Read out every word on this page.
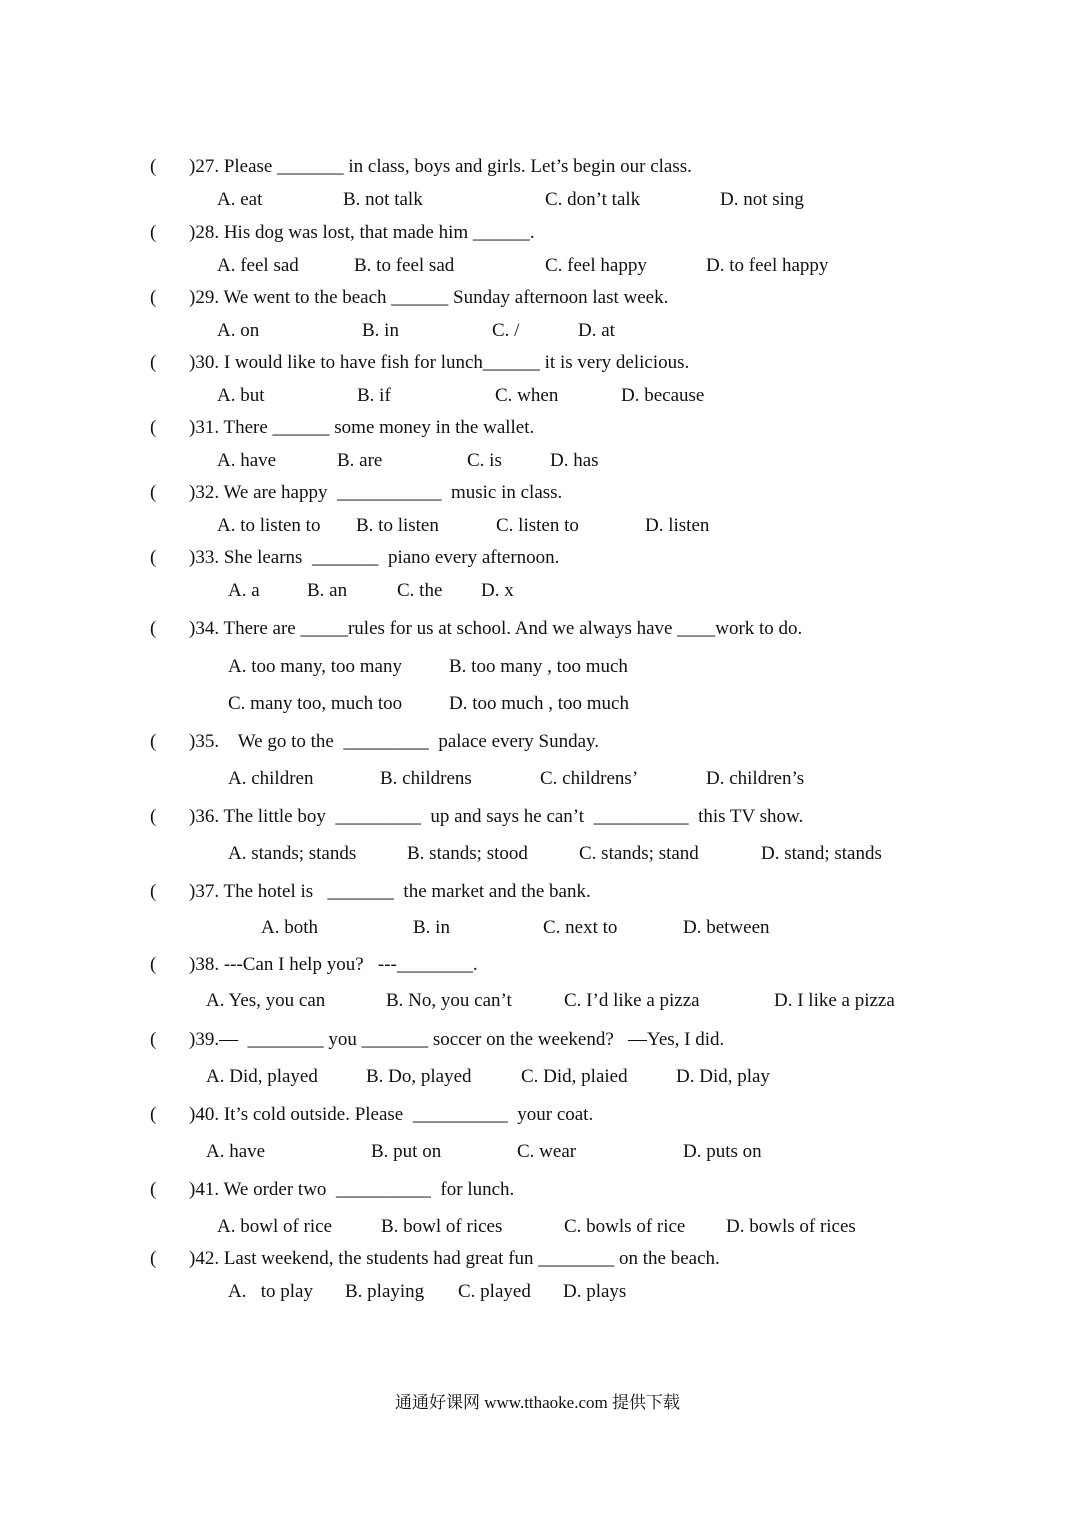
( )27. Please _______ in class, boys and girls. Let’s begin our class.
A. eat	B. not talk	C. don’t talk	D. not sing
( )28. His dog was lost, that made him ______.
A. feel sad	B. to feel sad	C. feel happy	D. to feel happy
( )29. We went to the beach ______ Sunday afternoon last week.
A. on	B. in	C. /	D. at
( )30. I would like to have fish for lunch______ it is very delicious.
A. but	B. if	C. when	D. because
( )31. There ______ some money in the wallet.
A. have	B. are	C. is	D. has
( )32. We are happy  ___________  music in class.
A. to listen to B. to listen	C. listen to	D. listen
( )33. She learns  _______  piano every afternoon.
A. a B. an	C. the D. x
( )34. There are _____rules for us at school. And we always have ____work to do.
A. too many, too many B. too many , too much
C. many too, much too D. too much , too much
( )35.    We go to the  _________  palace every Sunday.
A. children	B. childrens	C. childrens’	D. children’s
( )36. The little boy  _________  up and says he can’t  __________  this TV show.
A. stands; stands	B. stands; stood	C. stands; stand	D. stand; stands
( )37. The hotel is   _______  the market and the bank.
A. both	B. in	C. next to	D. between
( )38. ---Can I help you?   ---________.
A. Yes, you can	B. No, you can’t	C. I’d like a pizza	D. I like a pizza
( )39.—  ________ you _______ soccer on the weekend?   —Yes, I did.
A. Did, played	B. Do, played	C. Did, plaied	D. Did, play
( )40. It’s cold outside. Please  __________  your coat.
A. have	B. put on	C. wear	D. puts on
( )41. We order two  __________  for lunch.
A. bowl of rice	B. bowl of rices	C. bowls of rice D. bowls of rices
( )42. Last weekend, the students had great fun ________ on the beach.
A.   to play B. playing C. played D. plays
通通好课网 www.tthaoke.com 提供下载
